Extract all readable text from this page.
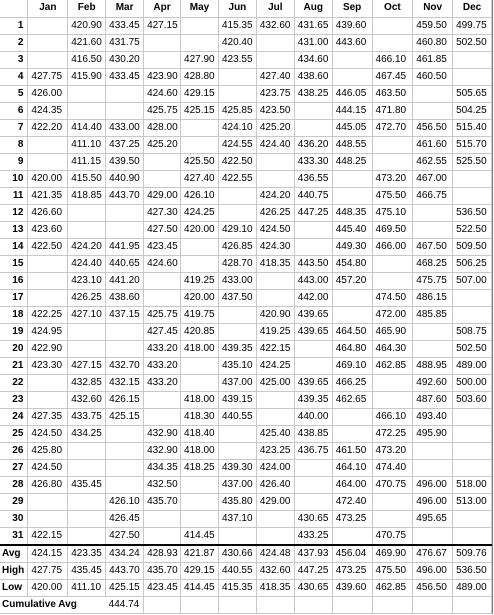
	Jan	Feb	Mar	Apr	May	Jun	Jul	Aug	Sep	Oct	Nov	Dec
1		420.90	433.45	427.15		415.35	432.60	431.65	439.60		459.50	499.75
2		421.60	431.75			420.40		431.00	443.60		460.80	502.50
3		416.50	430.20		427.90	423.55		434.60		466.10	461.85	
4	427.75	415.90	433.45	423.90	428.80		427.40	438.60		467.45	460.50	
5	426.00			424.60	429.15		423.75	438.25	446.05	463.50		505.65
6	424.35			425.75	425.15	425.85	423.50		444.15	471.80		504.25
7	422.20	414.40	433.00	428.00		424.10	425.20		445.05	472.70	456.50	515.40
8		411.10	437.25	425.20		424.55	424.40	436.20	448.55		461.60	515.70
9		411.15	439.50		425.50	422.50		433.30	448.25		462.55	525.50
10	420.00	415.50	440.90		427.40	422.55		436.55		473.20	467.00	
11	421.35	418.85	443.70	429.00	426.10		424.20	440.75		475.50	466.75	
12	426.60			427.30	424.25		426.25	447.25	448.35	475.10		536.50
13	423.60			427.50	420.00	429.10	424.50		445.40	469.50		522.50
14	422.50	424.20	441.95	423.45		426.85	424.30		449.30	466.00	467.50	509.50
15		424.40	440.65	424.60		428.70	418.35	443.50	454.80		468.25	506.25
16		423.10	441.20		419.25	433.00		443.00	457.20		475.75	507.00
17		426.25	438.60		420.00	437.50		442.00		474.50	486.15	
18	422.25	427.10	437.15	425.75	419.75		420.90	439.65		472.00	485.85	
19	424.95			427.45	420.85		419.25	439.65	464.50	465.90		508.75
20	422.90			433.20	418.00	439.35	422.15		464.80	464.30		502.50
21	423.30	427.15	432.70	433.20		435.10	424.25		469.10	462.85	488.95	489.00
22		432.85	432.15	433.20		437.00	425.00	439.65	466.25		492.60	500.00
23		432.60	426.15		418.00	439.15		439.35	462.65		487.60	503.60
24	427.35	433.75	425.15		418.30	440.55		440.00		466.10	493.40	
25	424.50	434.25		432.90	418.40		425.40	438.85		472.25	495.90	
26	425.80			432.90	418.00		423.25	436.75	461.50	473.20		
27	424.50			434.35	418.25	439.30	424.00		464.10	474.40		
28	426.80	435.45		432.50		437.00	426.40		464.00	470.75	496.00	518.00
29			426.10	435.70		435.80	429.00		472.40		496.00	513.00
30			426.45			437.10		430.65	473.25		495.65	
31	422.15		427.50		414.45			433.25		470.75		
Avg	424.15	423.35	434.24	428.93	421.87	430.66	424.48	437.93	456.04	469.90	476.67	509.76
High	427.75	435.45	443.70	435.70	429.15	440.55	432.60	447.25	473.25	475.50	496.00	536.50
Low	420.00	411.10	425.15	423.45	414.45	415.35	418.35	430.65	439.60	462.85	456.50	489.00
Cumulative Avg			444.74									
